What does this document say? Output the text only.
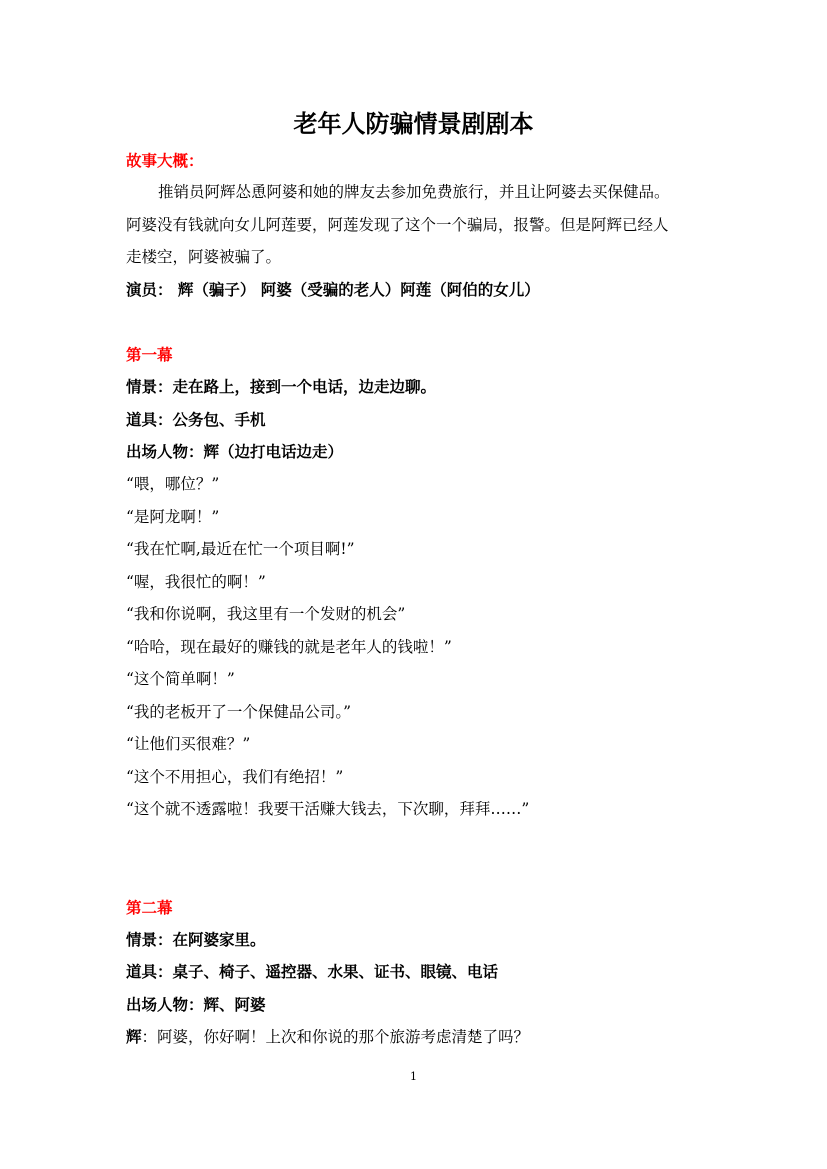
老年人防骗情景剧剧本
故事大概：
推销员阿辉怂恿阿婆和她的牌友去参加免费旅行，并且让阿婆去买保健品。
阿婆没有钱就向女儿阿莲要，阿莲发现了这个一个骗局，报警。但是阿辉已经人
走楼空，阿婆被骗了。
演员： 辉（骗子） 阿婆（受骗的老人）阿莲（阿伯的女儿）
第一幕
情景：走在路上，接到一个电话，边走边聊。
道具：公务包、手机
出场人物：辉（边打电话边走）
“喂，哪位？”
“是阿龙啊！”
“我在忙啊,最近在忙一个项目啊!”
“喔，我很忙的啊！”
“我和你说啊，我这里有一个发财的机会”
“哈哈，现在最好的赚钱的就是老年人的钱啦！”
“这个简单啊！”
“我的老板开了一个保健品公司。”
“让他们买很难？”
“这个不用担心，我们有绝招！”
“这个就不透露啦！我要干活赚大钱去，下次聊，拜拜……”
第二幕
情景：在阿婆家里。
道具：桌子、椅子、遥控器、水果、证书、眼镜、电话
出场人物：辉、阿婆
辉：阿婆，你好啊！上次和你说的那个旅游考虑清楚了吗？
1
